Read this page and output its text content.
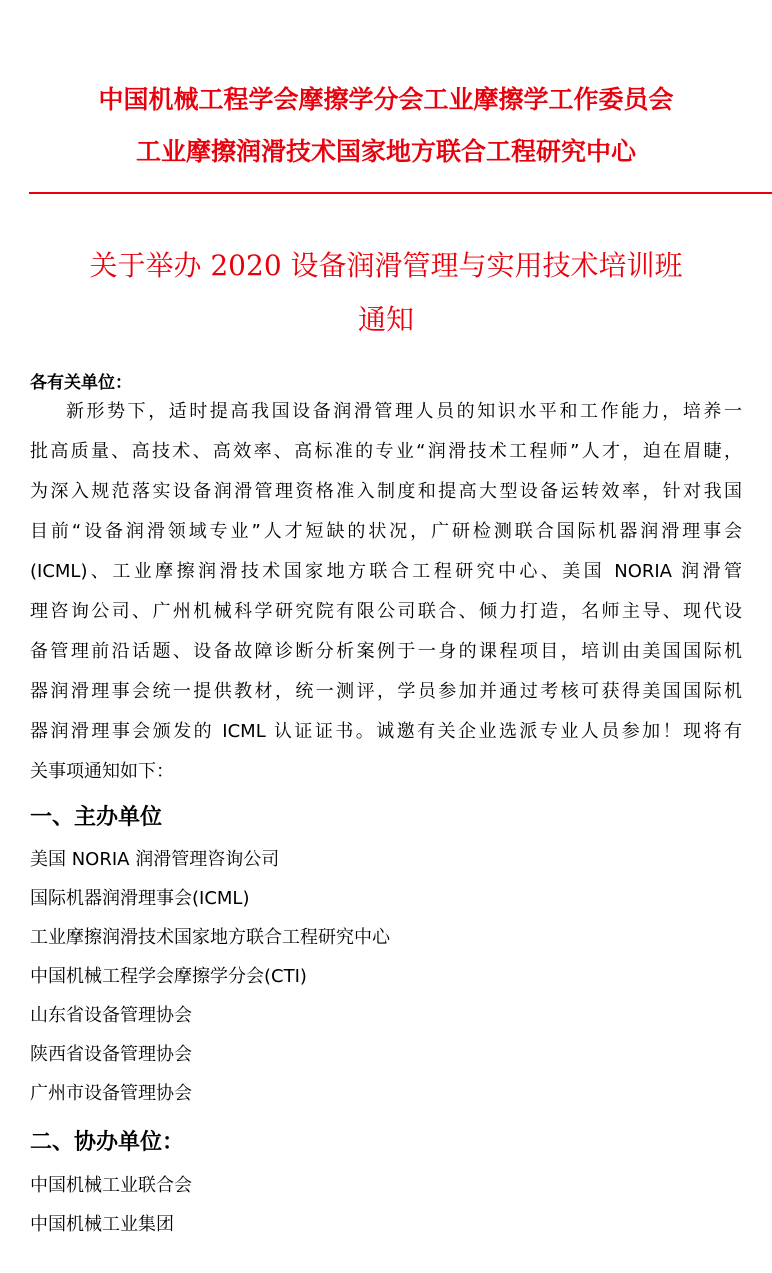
中国机械工程学会摩擦学分会工业摩擦学工作委员会
工业摩擦润滑技术国家地方联合工程研究中心
关于举办 2020 设备润滑管理与实用技术培训班
通知
各有关单位：
新形势下，适时提高我国设备润滑管理人员的知识水平和工作能力，培养一
批高质量、高技术、高效率、高标准的专业“润滑技术工程师”人才，迫在眉睫，
为深入规范落实设备润滑管理资格准入制度和提高大型设备运转效率，针对我国
目前“设备润滑领域专业”人才短缺的状况，广研检测联合国际机器润滑理事会
(ICML)、工业摩擦润滑技术国家地方联合工程研究中心、美国 NORIA 润滑管
理咨询公司、广州机械科学研究院有限公司联合、倾力打造，名师主导、现代设
备管理前沿话题、设备故障诊断分析案例于一身的课程项目，培训由美国国际机
器润滑理事会统一提供教材，统一测评，学员参加并通过考核可获得美国国际机
器润滑理事会颁发的 ICML 认证证书。诚邀有关企业选派专业人员参加！现将有
关事项通知如下：
一、主办单位
美国 NORIA 润滑管理咨询公司
国际机器润滑理事会(ICML)
工业摩擦润滑技术国家地方联合工程研究中心
中国机械工程学会摩擦学分会(CTI)
山东省设备管理协会
陕西省设备管理协会
广州市设备管理协会
二、协办单位：
中国机械工业联合会
中国机械工业集团
